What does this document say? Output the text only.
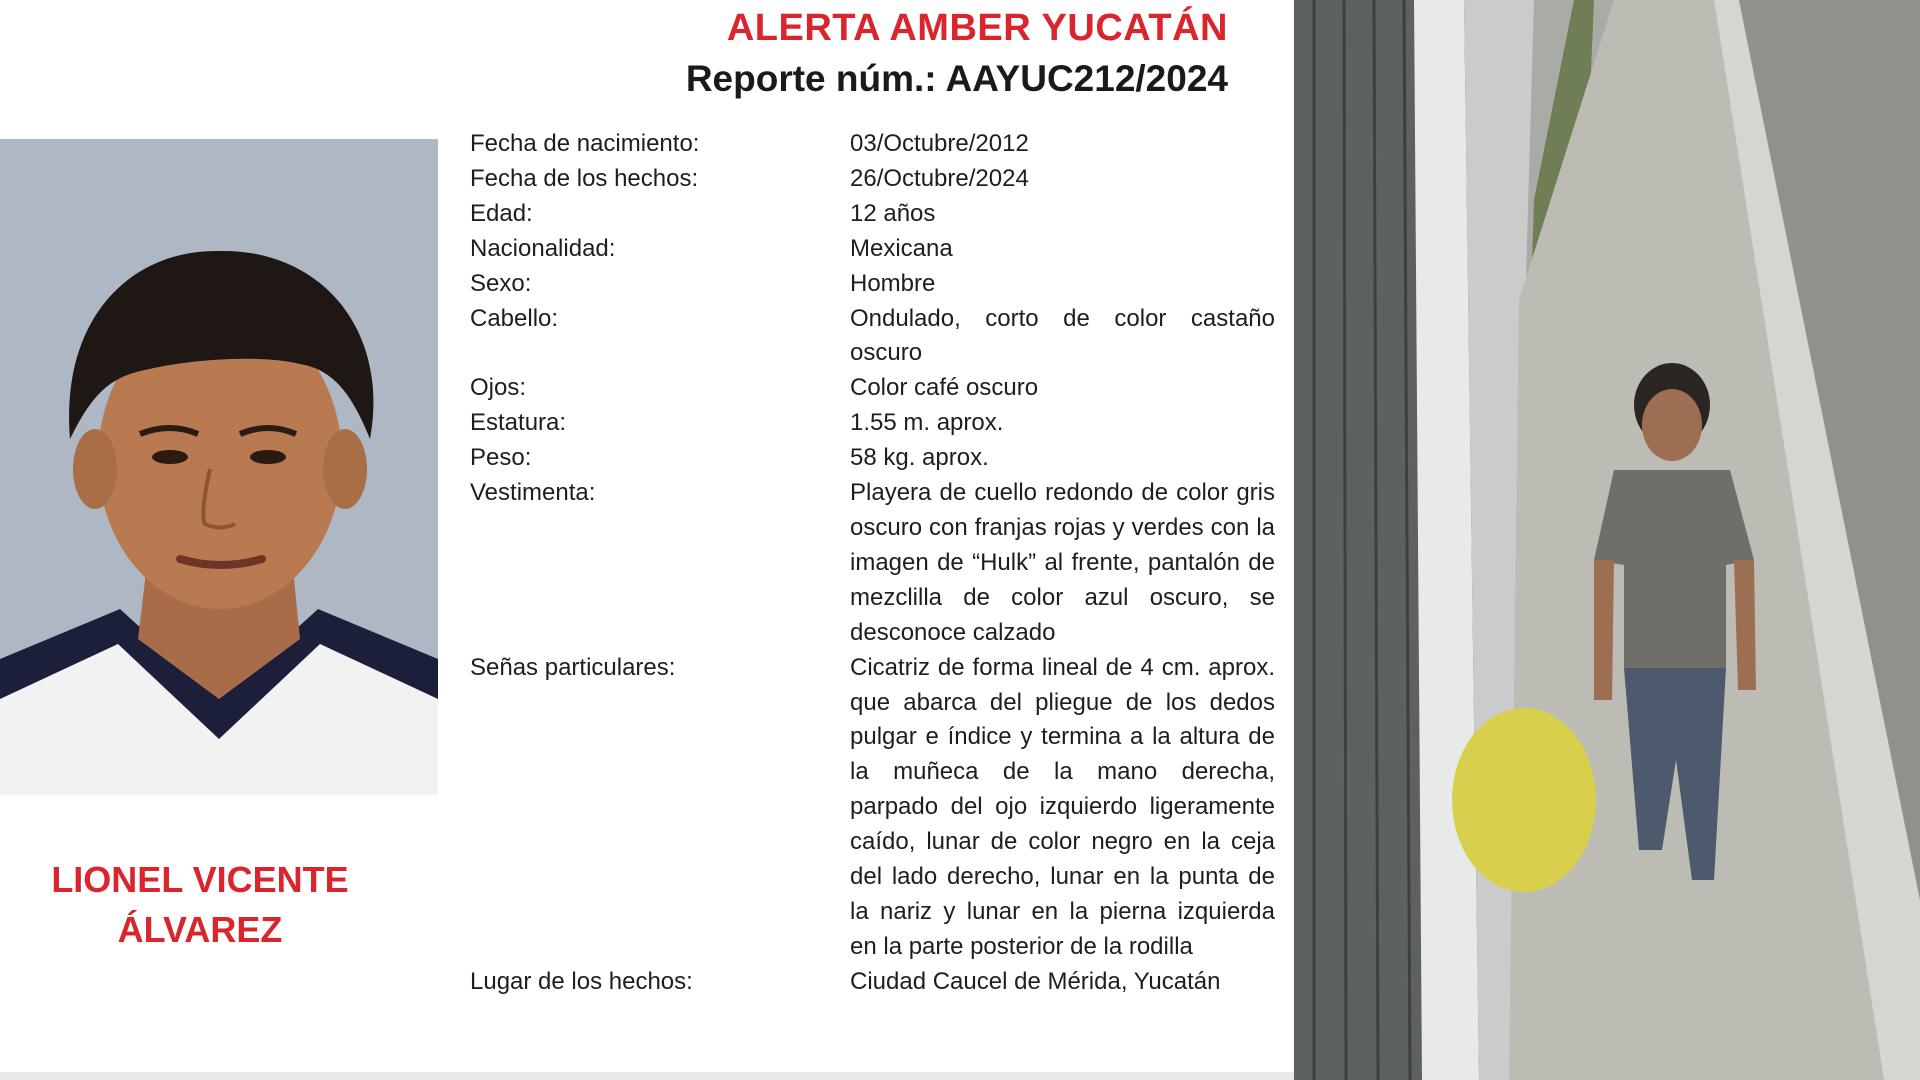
ALERTA AMBER YUCATÁN
Reporte núm.: AAYUC212/2024
LIONEL VICENTE
ÁLVAREZ
Fecha de nacimiento:	03/Octubre/2012
Fecha de los hechos:	26/Octubre/2024
Edad:	12 años
Nacionalidad:	Mexicana
Sexo:	Hombre
Cabello:	Ondulado, corto de color castaño oscuro
Ojos:	Color café oscuro
Estatura:	1.55 m. aprox.
Peso:	58 kg. aprox.
Vestimenta:	Playera de cuello redondo de color gris oscuro con franjas rojas y verdes con la imagen de “Hulk” al frente, pantalón de mezclilla de color azul oscuro, se desconoce calzado
Señas particulares:	Cicatriz de forma lineal de 4 cm. aprox. que abarca del pliegue de los dedos pulgar e índice y termina a la altura de la muñeca de la mano derecha, parpado del ojo izquierdo ligeramente caído, lunar de color negro en la ceja del lado derecho, lunar en la punta de la nariz y lunar en la pierna izquierda en la parte posterior de la rodilla
Lugar de los hechos:	Ciudad Caucel de Mérida, Yucatán
